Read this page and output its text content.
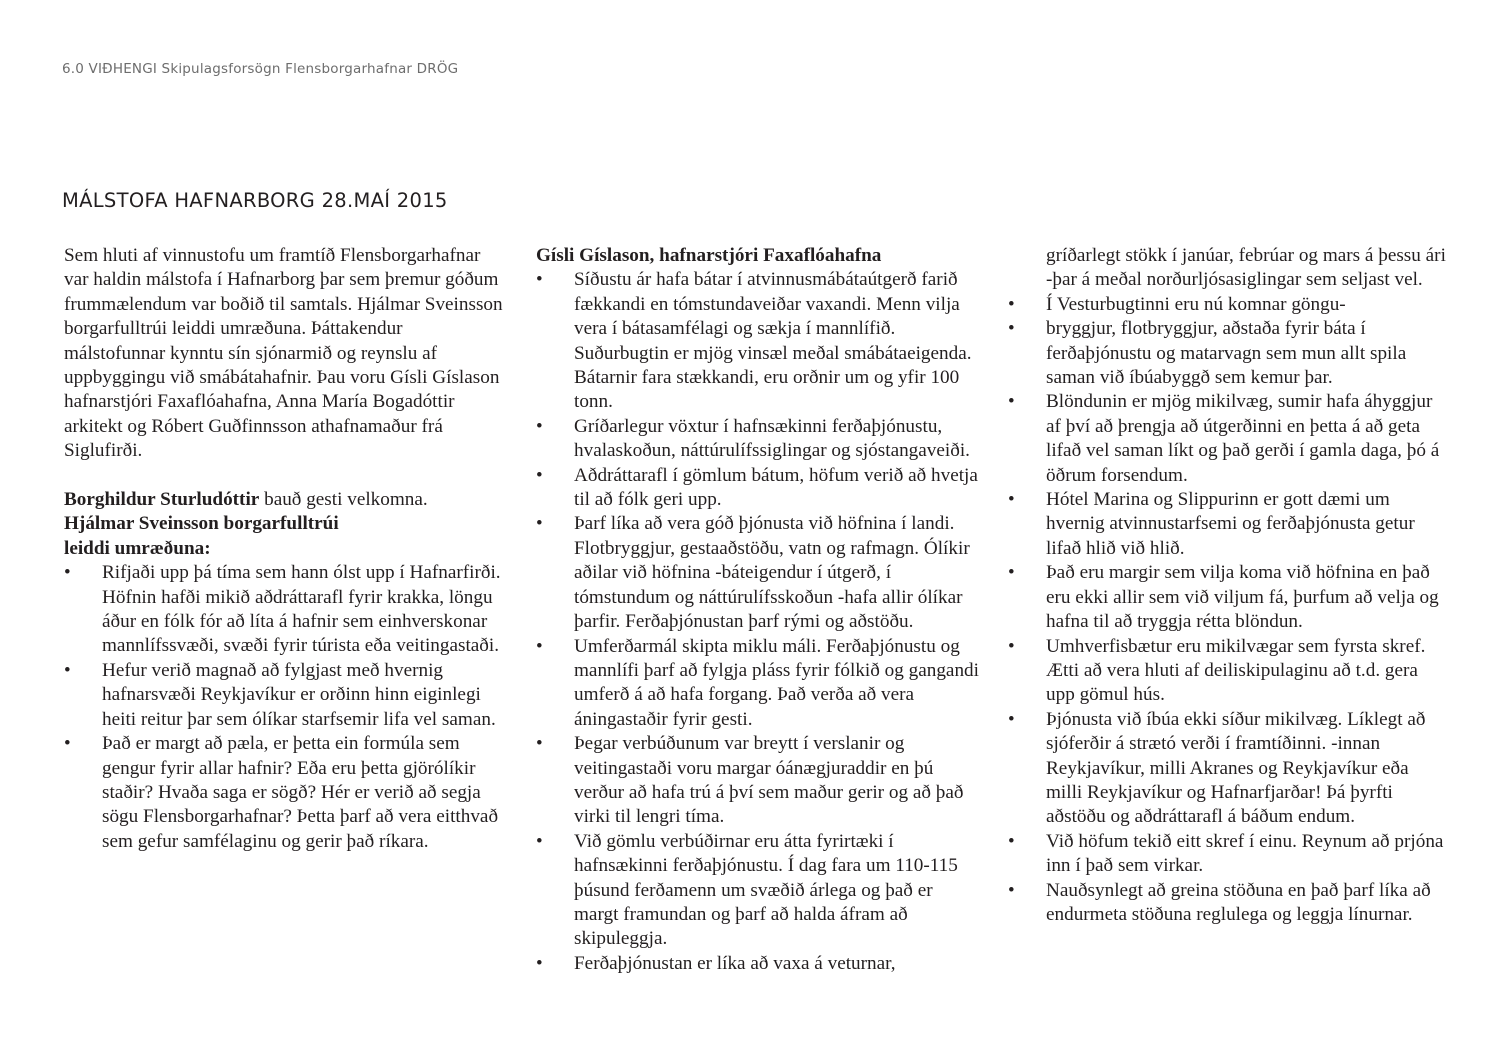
6.0 VIÐHENGI Skipulagsforsögn Flensborgarhafnar DRÖG
MÁLSTOFA HAFNARBORG 28.MAÍ 2015

Sem hluti af vinnustofu um framtíð Flensborgarhafnar var haldin málstofa í Hafnarborg þar sem þremur góðum frummælendum var boðið til samtals. Hjálmar Sveinsson borgarfulltrúi leiddi umræðuna. Þáttakendur málstofunnar kynntu sín sjónarmið og reynslu af uppbyggingu við smábátahafnir. Þau voru Gísli Gíslason hafnarstjóri Faxaflóahafna, Anna María Bogadóttir arkitekt og Róbert Guðfinnsson athafnamaður frá Siglufirði.

Borghildur Sturludóttir bauð gesti velkomna.

Hjálmar Sveinsson borgarfulltrúi

leiddi umræðuna:

• Rifjaði upp þá tíma sem hann ólst upp í Hafnarfirði. Höfnin hafði mikið aðdráttarafl fyrir krakka, löngu áður en fólk fór að líta á hafnir sem einhverskonar mannlífssvæði, svæði fyrir túrista eða veitingastaði.
• Hefur verið magnað að fylgjast með hvernig hafnarsvæði Reykjavíkur er orðinn hinn eiginlegi heiti reitur þar sem ólíkar starfsemir lifa vel saman.
• Það er margt að pæla, er þetta ein formúla sem gengur fyrir allar hafnir? Eða eru þetta gjörólíkir staðir? Hvaða saga er sögð? Hér er verið að segja sögu Flensborgarhafnar? Þetta þarf að vera eitthvað sem gefur samfélaginu og gerir það ríkara.

Gísli Gíslason, hafnarstjóri Faxaflóahafna

• Síðustu ár hafa bátar í atvinnusmábátaútgerð farið fækkandi en tómstundaveiðar vaxandi. Menn vilja vera í bátasamfélagi og sækja í mannlífið. Suðurbugtin er mjög vinsæl meðal smábátaeigenda. Bátarnir fara stækkandi, eru orðnir um og yfir 100 tonn.
• Gríðarlegur vöxtur í hafnsækinni ferðaþjónustu, hvalaskoðun, náttúrulífssiglingar og sjóstangaveiði.
• Aðdráttarafl í gömlum bátum, höfum verið að hvetja til að fólk geri upp.
• Þarf líka að vera góð þjónusta við höfnina í landi. Flotbryggjur, gestaaðstöðu, vatn og rafmagn. Ólíkir aðilar við höfnina -báteigendur í útgerð, í tómstundum og náttúrulífsskoðun -hafa allir ólíkar þarfir. Ferðaþjónustan þarf rými og aðstöðu.
• Umferðarmál skipta miklu máli. Ferðaþjónustu og mannlífi þarf að fylgja pláss fyrir fólkið og gangandi umferð á að hafa forgang. Það verða að vera áningastaðir fyrir gesti.
• Þegar verbúðunum var breytt í verslanir og veitingastaði voru margar óánægjuraddir en þú verður að hafa trú á því sem maður gerir og að það virki til lengri tíma.
• Við gömlu verbúðirnar eru átta fyrirtæki í hafnsækinni ferðaþjónustu. Í dag fara um 110-115 þúsund ferðamenn um svæðið árlega og það er margt framundan og þarf að halda áfram að skipuleggja.
• Ferðaþjónustan er líka að vaxa á veturnar,

gríðarlegt stökk í janúar, febrúar og mars á þessu ári -þar á meðal norðurljósasiglingar sem seljast vel.

• Í Vesturbugtinni eru nú komnar göngu-
• bryggjur, flotbryggjur, aðstaða fyrir báta í ferðaþjónustu og matarvagn sem mun allt spila saman við íbúabyggð sem kemur þar.
• Blöndunin er mjög mikilvæg, sumir hafa áhyggjur af því að þrengja að útgerðinni en þetta á að geta lifað vel saman líkt og það gerði í gamla daga, þó á öðrum forsendum.
• Hótel Marina og Slippurinn er gott dæmi um hvernig atvinnustarfsemi og ferðaþjónusta getur lifað hlið við hlið.
• Það eru margir sem vilja koma við höfnina en það eru ekki allir sem við viljum fá, þurfum að velja og hafna til að tryggja rétta blöndun.
• Umhverfisbætur eru mikilvægar sem fyrsta skref. Ætti að vera hluti af deiliskipulaginu að t.d. gera upp gömul hús.
• Þjónusta við íbúa ekki síður mikilvæg. Líklegt að sjóferðir á strætó verði í framtíðinni. -innan Reykjavíkur, milli Akranes og Reykjavíkur eða milli Reykjavíkur og Hafnarfjarðar! Þá þyrfti aðstöðu og aðdráttarafl á báðum endum.
• Við höfum tekið eitt skref í einu. Reynum að prjóna inn í það sem virkar.
• Nauðsynlegt að greina stöðuna en það þarf líka að endurmeta stöðuna reglulega og leggja línurnar.
